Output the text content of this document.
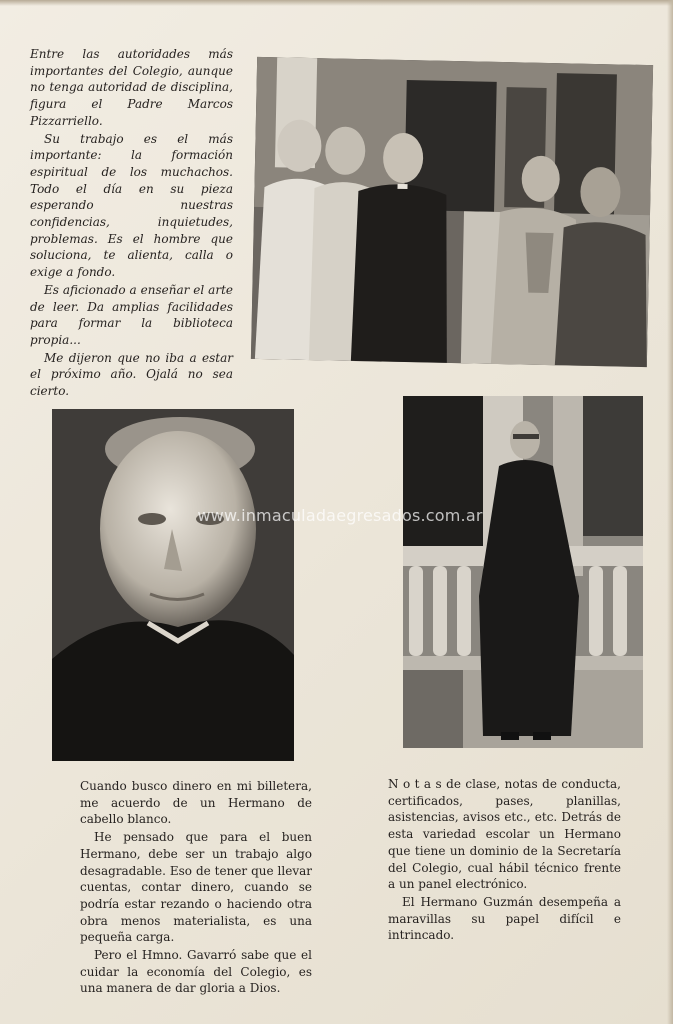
Entre las autoridades más importantes del Colegio, aunque no tenga autoridad de disciplina, figura el Padre Marcos Pizzarriello.

Su trabajo es el más importante: la formación espiritual de los muchachos. Todo el día en su pieza esperando nuestras confidencias, inquietudes, problemas. Es el hombre que soluciona, te alienta, calla o exige a fondo.

Es aficionado a enseñar el arte de leer. Da amplias facilidades para formar la biblioteca propia...

Me dijeron que no iba a estar el próximo año. Ojalá no sea cierto.

www.inmaculadaegresados.com.ar

Cuando busco dinero en mi billetera, me acuerdo de un Hermano de cabello blanco.

He pensado que para el buen Hermano, debe ser un trabajo algo desagradable. Eso de tener que llevar cuentas, contar dinero, cuando se podría estar rezando o haciendo otra obra menos materialista, es una pequeña carga.

Pero el Hmno. Gavarró sabe que el cuidar la economía del Colegio, es una manera de dar gloria a Dios.

N o t a s de clase, notas de conducta, certificados, pases, planillas, asistencias, avisos etc., etc. Detrás de esta variedad escolar un Hermano que tiene un dominio de la Secretaría del Colegio, cual hábil técnico frente a un panel electrónico.

El Hermano Guzmán desempeña a maravillas su papel difícil e intrincado.
